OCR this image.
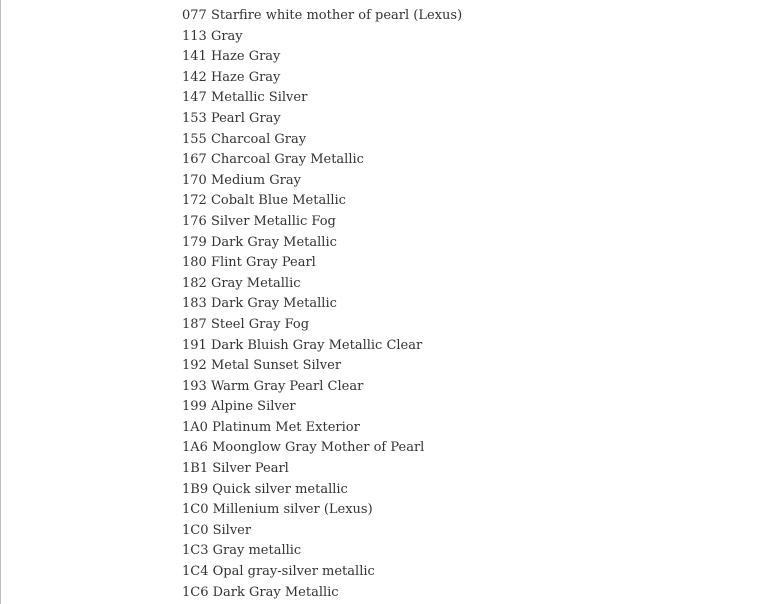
077 Starfire white mother of pearl (Lexus)
113 Gray
141 Haze Gray
142 Haze Gray
147 Metallic Silver
153 Pearl Gray
155 Charcoal Gray
167 Charcoal Gray Metallic
170 Medium Gray
172 Cobalt Blue Metallic
176 Silver Metallic Fog
179 Dark Gray Metallic
180 Flint Gray Pearl
182 Gray Metallic
183 Dark Gray Metallic
187 Steel Gray Fog
191 Dark Bluish Gray Metallic Clear
192 Metal Sunset Silver
193 Warm Gray Pearl Clear
199 Alpine Silver
1A0 Platinum Met Exterior
1A6 Moonglow Gray Mother of Pearl
1B1 Silver Pearl
1B9 Quick silver metallic
1C0 Millenium silver (Lexus)
1C0 Silver
1C3 Gray metallic
1C4 Opal gray-silver metallic
1C6 Dark Gray Metallic
